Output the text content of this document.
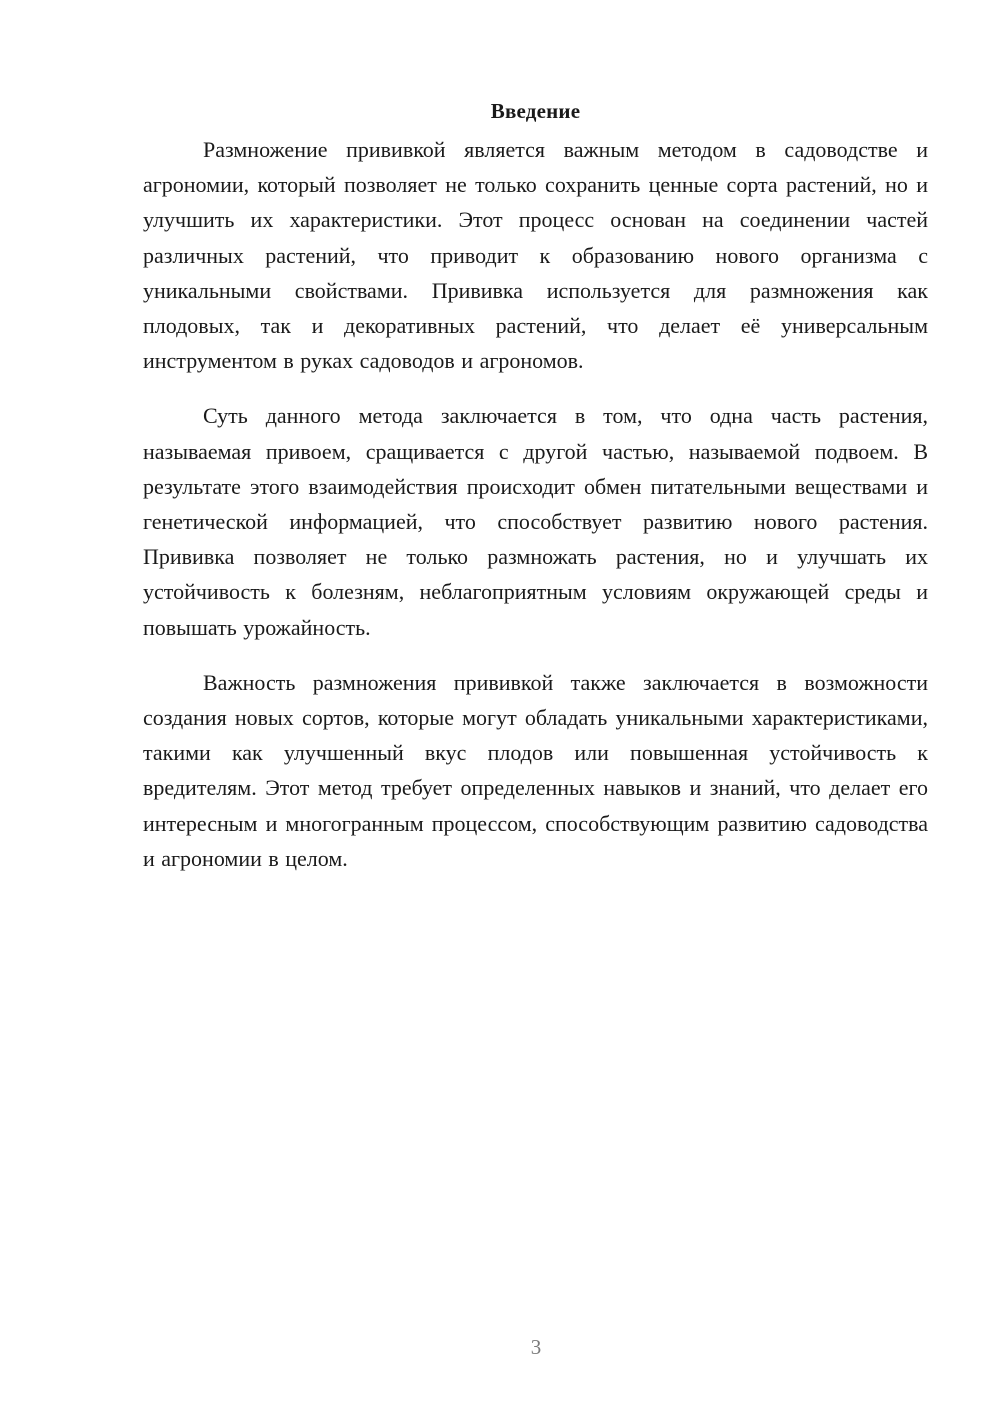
Введение

Размножение прививкой является важным методом в садоводстве и агрономии, который позволяет не только сохранить ценные сорта растений, но и улучшить их характеристики. Этот процесс основан на соединении частей различных растений, что приводит к образованию нового организма с уникальными свойствами. Прививка используется для размножения как плодовых, так и декоративных растений, что делает её универсальным инструментом в руках садоводов и агрономов.

Суть данного метода заключается в том, что одна часть растения, называемая привоем, сращивается с другой частью, называемой подвоем. В результате этого взаимодействия происходит обмен питательными веществами и генетической информацией, что способствует развитию нового растения. Прививка позволяет не только размножать растения, но и улучшать их устойчивость к болезням, неблагоприятным условиям окружающей среды и повышать урожайность.

Важность размножения прививкой также заключается в возможности создания новых сортов, которые могут обладать уникальными характеристиками, такими как улучшенный вкус плодов или повышенная устойчивость к вредителям. Этот метод требует определенных навыков и знаний, что делает его интересным и многогранным процессом, способствующим развитию садоводства и агрономии в целом.

3
